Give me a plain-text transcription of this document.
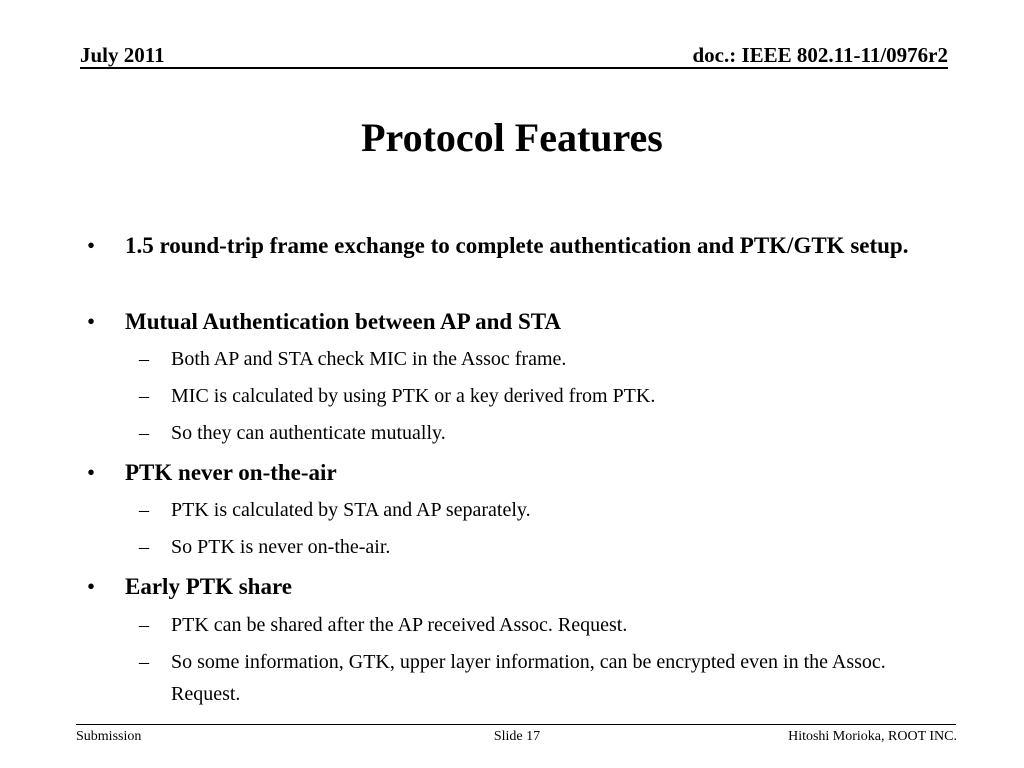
July 2011	doc.: IEEE 802.11-11/0976r2
Protocol Features
• 1.5 round-trip frame exchange to complete authentication and PTK/GTK setup.
• Mutual Authentication between AP and STA
– Both AP and STA check MIC in the Assoc frame.
– MIC is calculated by using PTK or a key derived from PTK.
– So they can authenticate mutually.
• PTK never on-the-air
– PTK is calculated by STA and AP separately.
– So PTK is never on-the-air.
• Early PTK share
– PTK can be shared after the AP received Assoc. Request.
– So some information, GTK, upper layer information, can be encrypted even in the Assoc. Request.
Submission	Slide 17	Hitoshi Morioka, ROOT INC.
